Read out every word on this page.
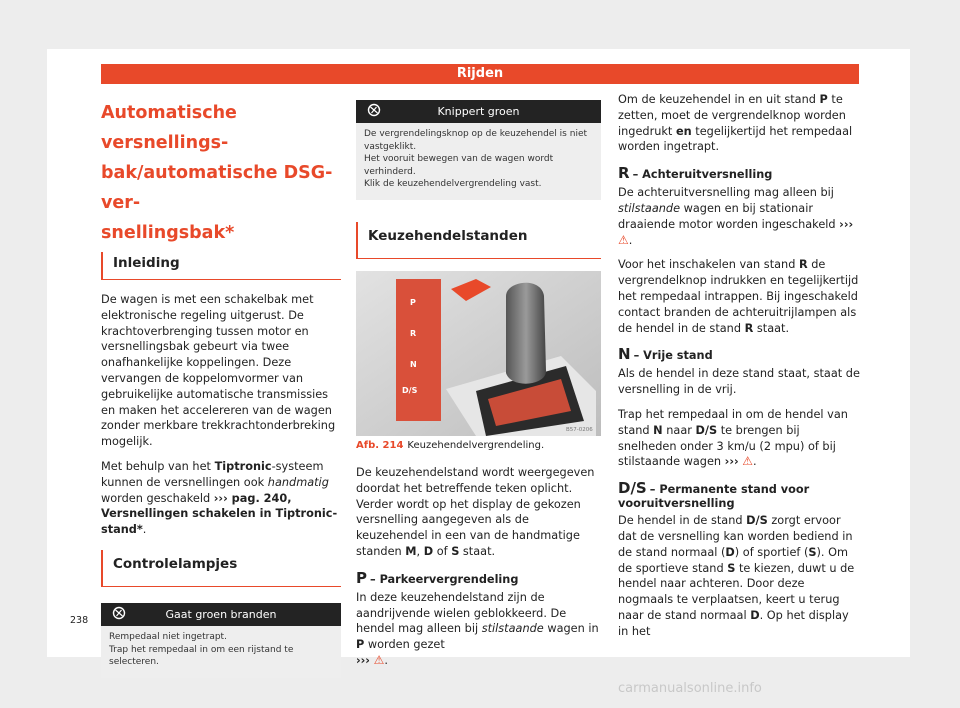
Rijden
Automatische versnellings-
bak/automatische DSG-ver-
snellingsbak*
Inleiding

De wagen is met een schakelbak met elektronische regeling uitgerust. De krachtoverbrenging tussen motor en versnellingsbak gebeurt via twee onafhankelijke koppelingen. Deze vervangen de koppelomvormer van gebruikelijke automatische transmissies en maken het accelereren van de wagen zonder merkbare trekkrachtonderbreking mogelijk.

Met behulp van het Tiptronic-systeem kunnen de versnellingen ook handmatig worden geschakeld ››› pag. 240, Versnellingen schakelen in Tiptronic-stand*.

Controlelampjes
Gaat groen branden
Rempedaal niet ingetrapt.
Trap het rempedaal in om een rijstand te selecteren.
Knippert groen
De vergrendelingsknop op de keuzehendel is niet vastgeklikt.
Het vooruit bewegen van de wagen wordt verhinderd.
Klik de keuzehendelvergrendeling vast.
Keuzehendelstanden
P
R
N
D/S
B57-0206
Afb. 214 Keuzehendelvergrendeling.

De keuzehendelstand wordt weergegeven doordat het betreffende teken oplicht. Verder wordt op het display de gekozen versnelling aangegeven als de keuzehendel in een van de handmatige standen M, D of S staat.

P – Parkeervergrendeling

In deze keuzehendelstand zijn de aandrijvende wielen geblokkeerd. De hendel mag alleen bij stilstaande wagen in P worden gezet
››› ⚠.

Om de keuzehendel in en uit stand P te zetten, moet de vergrendelknop worden ingedrukt en tegelijkertijd het rempedaal worden ingetrapt.

R – Achteruitversnelling

De achteruitversnelling mag alleen bij stilstaande wagen en bij stationair draaiende motor worden ingeschakeld ››› ⚠.

Voor het inschakelen van stand R de vergrendelknop indrukken en tegelijkertijd het rempedaal intrappen. Bij ingeschakeld contact branden de achteruitrijlampen als de hendel in de stand R staat.

N – Vrije stand

Als de hendel in deze stand staat, staat de versnelling in de vrij.

Trap het rempedaal in om de hendel van stand N naar D/S te brengen bij snelheden onder 3 km/u (2 mpu) of bij stilstaande wagen ››› ⚠.

D/S – Permanente stand voor vooruitversnelling

De hendel in de stand D/S zorgt ervoor dat de versnelling kan worden bediend in de stand normaal (D) of sportief (S). Om de sportieve stand S te kiezen, duwt u de hendel naar achteren. Door deze nogmaals te verplaatsen, keert u terug naar de stand normaal D. Op het display in het

238
carmanualsonline.info
